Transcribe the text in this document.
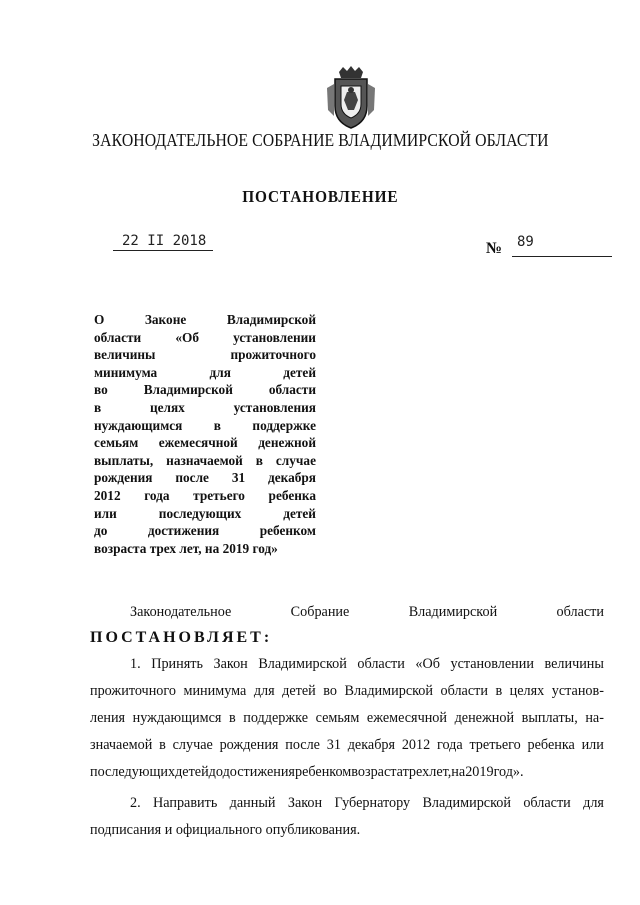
ЗАКОНОДАТЕЛЬНОЕ СОБРАНИЕ ВЛАДИМИРСКОЙ ОБЛАСТИ
ПОСТАНОВЛЕНИЕ
22 II 2018	№ 89
О	Законе	Владимирской
области	«Об	установлении
величины	прожиточного
минимума	для	детей
во	Владимирской	области
в	целях	установления
нуждающимся в поддержке
семьям ежемесячной денежной
выплаты, назначаемой в случае
рождения после 31 декабря
2012 года третьего ребенка
или	последующих	детей
до	достижения	ребенком
возраста трех лет, на 2019 год»
Законодательное	Собрание	Владимирской	области
ПОСТАНОВЛЯЕТ:
1. Принять Закон Владимирской области «Об установлении величины
прожиточного минимума для детей во Владимирской области в целях установ-
ления нуждающимся в поддержке семьям ежемесячной денежной выплаты, на-
значаемой в случае рождения после 31 декабря 2012 года третьего ребенка или
последующихдетейдодостиженияребенкомвозрастатрехлет,на2019год».
2. Направить данный Закон Губернатору Владимирской области для
подписания и официального опубликования.
